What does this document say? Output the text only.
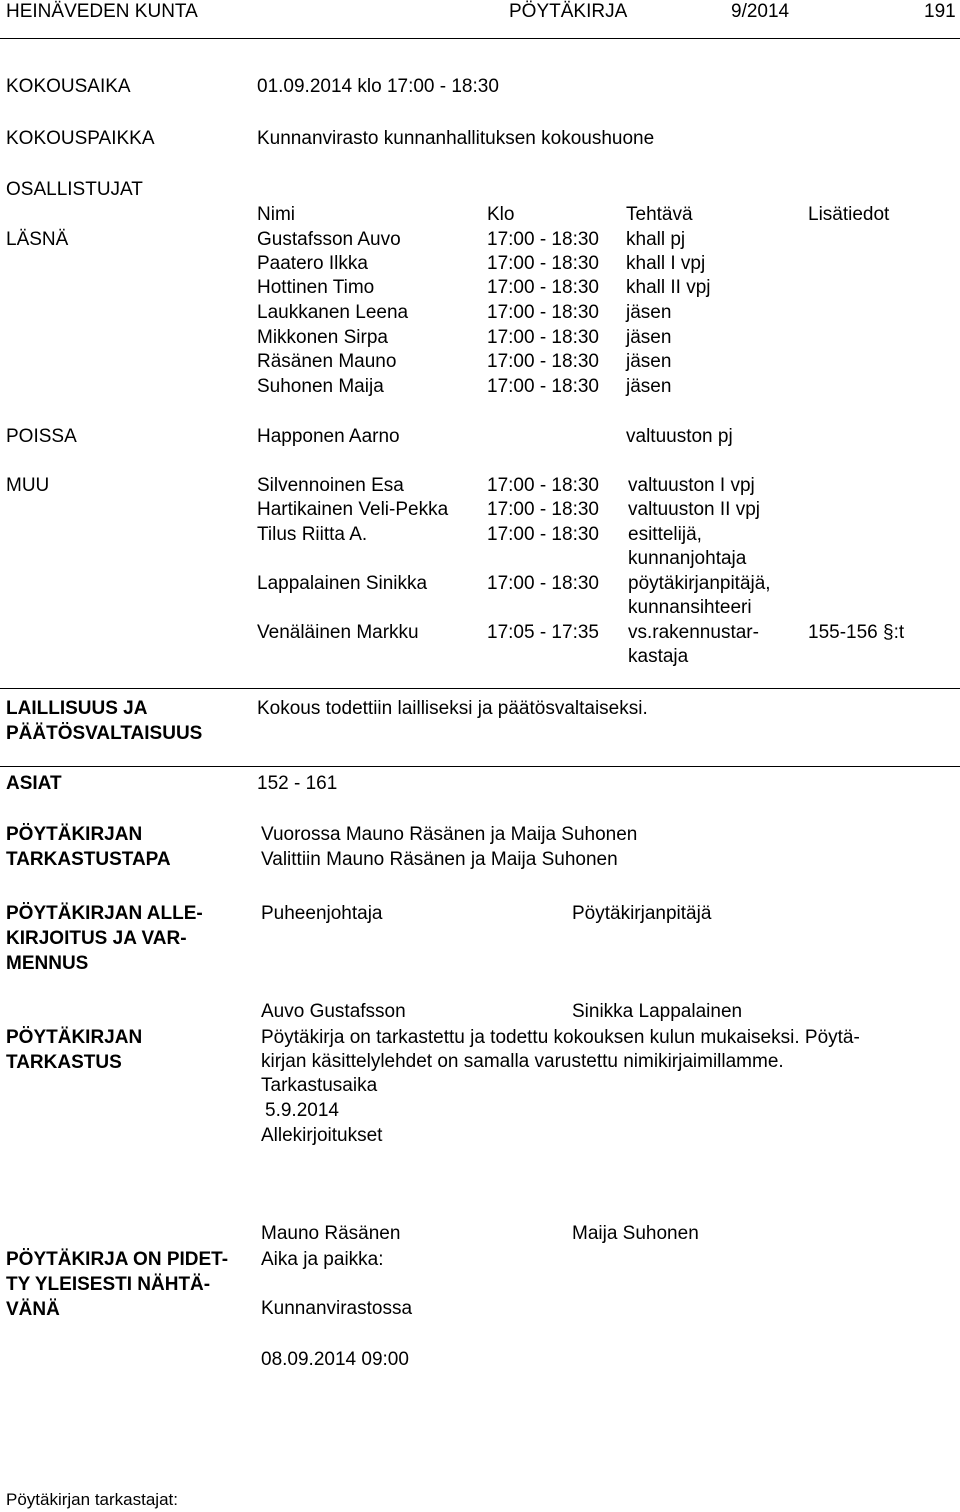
HEINÄVEDEN KUNTA	PÖYTÄKIRJA	9/2014	191
KOKOUSAIKA	01.09.2014 klo 17:00 - 18:30
KOKOUSPAIKKA	Kunnanvirasto kunnanhallituksen kokoushuone
OSALLISTUJAT
Nimi	Klo	Tehtävä	Lisätiedot
LÄSNÄ	Gustafsson Auvo	17:00 - 18:30 khall pj
Paatero Ilkka	17:00 - 18:30 khall I vpj
Hottinen Timo	17:00 - 18:30 khall II vpj
Laukkanen Leena	17:00 - 18:30 jäsen
Mikkonen Sirpa	17:00 - 18:30 jäsen
Räsänen Mauno	17:00 - 18:30 jäsen
Suhonen Maija	17:00 - 18:30 jäsen
POISSA	Happonen Aarno	valtuuston pj
MUU	Silvennoinen Esa	17:00 - 18:30 valtuuston I vpj
Hartikainen Veli-Pekka 17:00 - 18:30 valtuuston II vpj
Tilus Riitta A.	17:00 - 18:30 esittelijä,
kunnanjohtaja
Lappalainen Sinikka	17:00 - 18:30 pöytäkirjanpitäjä,
kunnansihteeri
Venäläinen Markku	17:05 - 17:35 vs.rakennustar-
kastaja
155-156 §:t
LAILLISUUS JA
PÄÄTÖSVALTAISUUS
Kokous todettiin lailliseksi ja päätösvaltaiseksi.
ASIAT	152 - 161
PÖYTÄKIRJAN
TARKASTUSTAPA
Vuorossa Mauno Räsänen ja Maija Suhonen
Valittiin Mauno Räsänen ja Maija Suhonen
PÖYTÄKIRJAN ALLE-
KIRJOITUS JA VAR-
MENNUS
Puheenjohtaja	Pöytäkirjanpitäjä
Auvo Gustafsson	Sinikka Lappalainen
PÖYTÄKIRJAN
TARKASTUS
Pöytäkirja on tarkastettu ja todettu kokouksen kulun mukaiseksi. Pöytä-
kirjan käsittelylehdet on samalla varustettu nimikirjaimillamme.
Tarkastusaika
5.9.2014
Allekirjoitukset
Mauno Räsänen	Maija Suhonen
PÖYTÄKIRJA ON PIDET-
TY YLEISESTI NÄHTÄ-
VÄNÄ
Aika ja paikka:
Kunnanvirastossa
08.09.2014 09:00
Pöytäkirjan tarkastajat:
